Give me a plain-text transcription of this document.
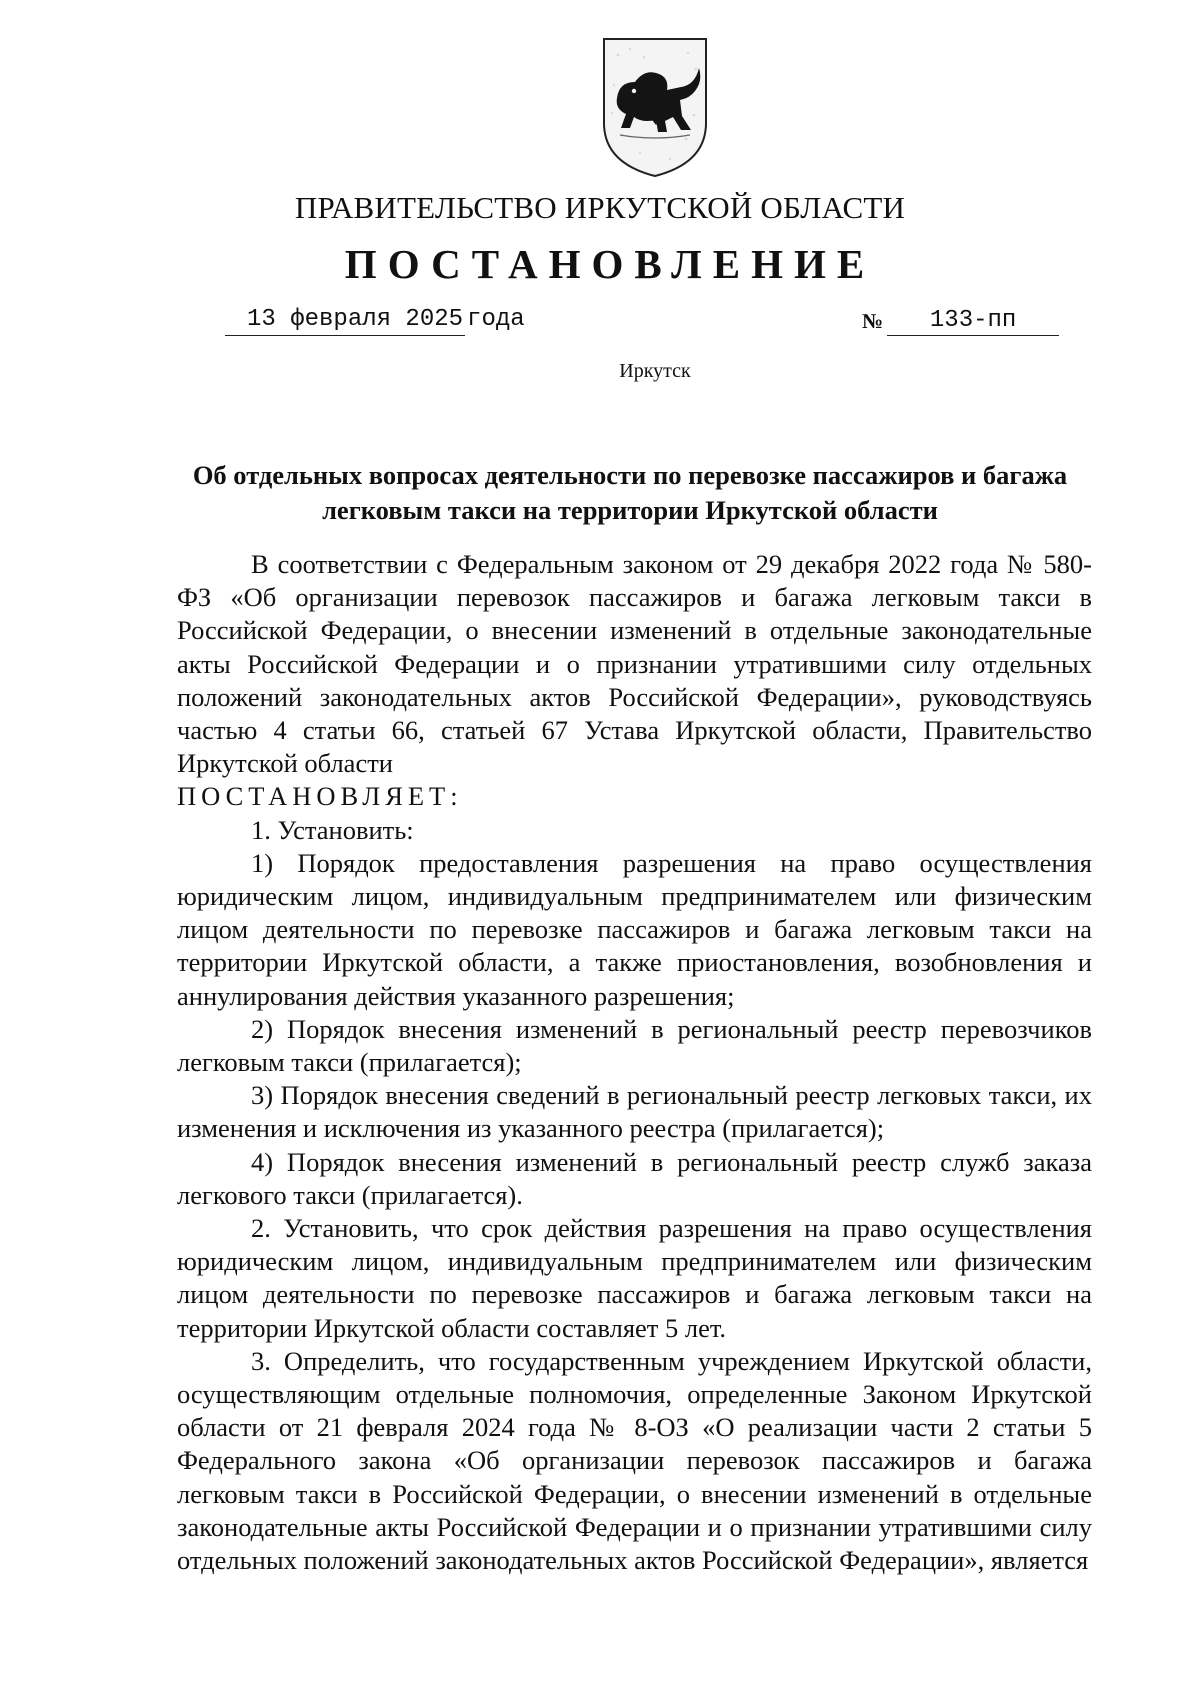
ПРАВИТЕЛЬСТВО ИРКУТСКОЙ ОБЛАСТИ
ПОСТАНОВЛЕНИЕ
13 февраля 2025 года	№ 133-пп
Иркутск
Об отдельных вопросах деятельности по перевозке пассажиров и багажа
легковым такси на территории Иркутской области

В соответствии с Федеральным законом от 29 декабря 2022 года № 580-ФЗ «Об организации перевозок пассажиров и багажа легковым такси в Российской Федерации, о внесении изменений в отдельные законодательные акты Российской Федерации и о признании утратившими силу отдельных положений законодательных актов Российской Федерации», руководствуясь частью 4 статьи 66, статьей 67 Устава Иркутской области, Правительство Иркутской области

ПОСТАНОВЛЯЕТ:

1. Установить:

1) Порядок предоставления разрешения на право осуществления юридическим лицом, индивидуальным предпринимателем или физическим лицом деятельности по перевозке пассажиров и багажа легковым такси на территории Иркутской области, а также приостановления, возобновления и аннулирования действия указанного разрешения;

2) Порядок внесения изменений в региональный реестр перевозчиков легковым такси (прилагается);

3) Порядок внесения сведений в региональный реестр легковых такси, их изменения и исключения из указанного реестра (прилагается);

4) Порядок внесения изменений в региональный реестр служб заказа легкового такси (прилагается).

2. Установить, что срок действия разрешения на право осуществления юридическим лицом, индивидуальным предпринимателем или физическим лицом деятельности по перевозке пассажиров и багажа легковым такси на территории Иркутской области составляет 5 лет.

3. Определить, что государственным учреждением Иркутской области, осуществляющим отдельные полномочия, определенные Законом Иркутской области от 21 февраля 2024 года № 8-ОЗ «О реализации части 2 статьи 5 Федерального закона «Об организации перевозок пассажиров и багажа легковым такси в Российской Федерации, о внесении изменений в отдельные законодательные акты Российской Федерации и о признании утратившими силу отдельных положений законодательных актов Российской Федерации», является
